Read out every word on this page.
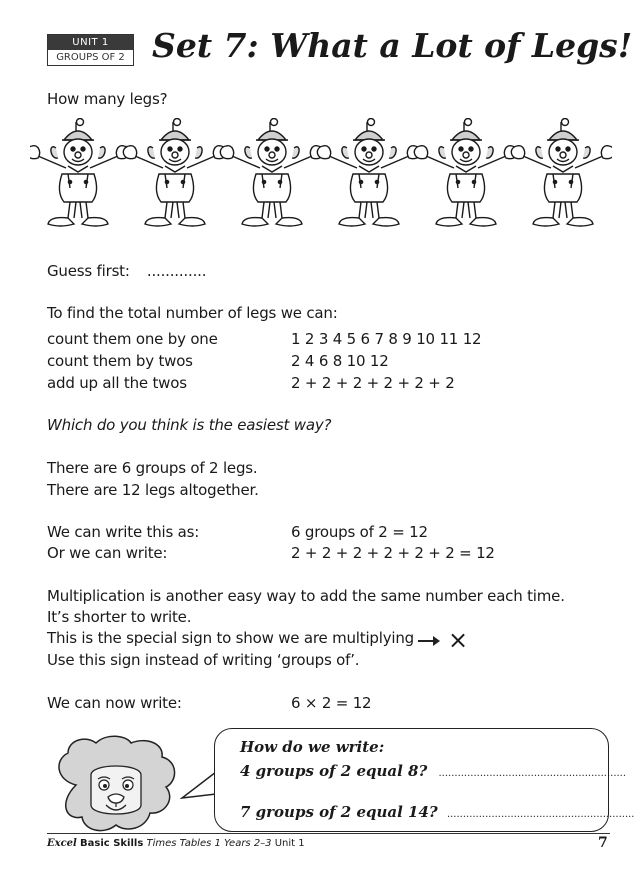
UNIT 1
GROUPS OF 2 Set 7: What a Lot of Legs!
How many legs?
Guess first: .............
To find the total number of legs we can:
count them one by one	1 2 3 4 5 6 7 8 9 10 11 12
count them by twos	2 4 6 8 10 12
add up all the twos	2 + 2 + 2 + 2 + 2 + 2
Which do you think is the easiest way?
There are 6 groups of 2 legs.
There are 12 legs altogether.
We can write this as:	6 groups of 2 = 12
Or we can write:	2 + 2 + 2 + 2 + 2 + 2 = 12
Multiplication is another easy way to add the same number each time.
It’s shorter to write.
This is the special sign to show we are multiplying ×
Use this sign instead of writing ‘groups of’.
We can now write:	6 × 2 = 12
How do we write:
4 groups of 2 equal 8? ...........................................................
7 groups of 2 equal 14? ...........................................................
Excel Basic Skills Times Tables 1 Years 2–3 Unit 1	7
